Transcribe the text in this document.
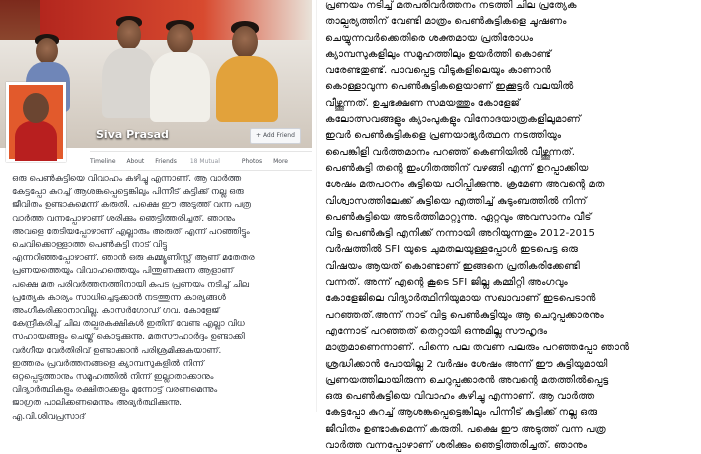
Siva Prasad	+ Add Friend
Timeline About Friends 18 Mutual	Photos More

ഒരു പെൺകുട്ടിയെ വിവാഹം കഴിച്ചു എന്നാണ്. ആ വാർത്ത

കേട്ടപ്പോ കുറച്ച് ആശങ്കപ്പെട്ടെങ്കിലും പിന്നീട് കുട്ടിക്ക് നല്ല ഒരു

ജീവിതം ഉണ്ടാകുമെന്ന് കരുതി. പക്ഷെ ഈ അടുത്ത് വന്ന പത്ര

വാർത്ത വന്നപ്പോഴാണ് ശരിക്കും ഞെട്ടിത്തരിച്ചത്. ഞാനും

അവളെ തേടിയപ്പോഴാണ് എല്ലാരും അരുത് എന്ന് പറഞ്ഞിട്ടും

ചെവിക്കൊള്ളാത്ത പെൺകുട്ടി നാട് വിട്ടു

എന്നറിഞ്ഞപ്പോഴാണ്. ഞാൻ ഒരു കമ്മ്യൂണിസ്റ്റ് ആണ് മതേതര

പ്രണയത്തെയും വിവാഹത്തെയും പിന്തുണക്കുന്ന ആളാണ്

പക്ഷെ മത പരിവർത്തനത്തിനായി കപട പ്രണയം നടിച്ച് ചില

പ്രത്യേക കാര്യം സാധിച്ചെടുക്കാൻ നടത്തുന്ന കാര്യങ്ങൾ

അംഗീകരിക്കാനാവില്ല. കാസർഗോഡ് ഗവ. കോളേജ്

കേന്ദ്രീകരിച്ച് ചില തല്പരകക്ഷികൾ ഇതിന് വേണ്ട എല്ലാ വിധ

സഹായങ്ങളും ചെയ്ത് കൊടുക്കുന്നു. മതസൗഹാർദ്ദം ഉണ്ടാക്കി

വർഗീയ വേർതിരിവ് ഉണ്ടാക്കാൻ പരിശ്രമിക്കുകയാണ്.

ഇത്തരം പ്രവർത്തനങ്ങളെ ക്യാമ്പസുകളിൽ നിന്ന്

ഒറ്റപ്പെടുത്താനും സമൂഹത്തിൽ നിന്ന് ഇല്ലാതാക്കാനും

വിദ്യാർത്ഥികളും രക്ഷിതാക്കളും മുന്നോട്ട് വരണമെന്നും

ജാഗ്രത പാലിക്കണമെന്നും അഭ്യർത്ഥിക്കുന്നു.

എ.വി.ശിവപ്രസാദ്

പ്രണയം നടിച്ച് മതപരിവർത്തനം നടത്തി ചില പ്രത്യേക

താല്പര്യത്തിന് വേണ്ടി മാത്രം പെൺകുട്ടികളെ ചൂഷണം

ചെയ്യുന്നവർക്കെതിരെ ശക്തമായ പ്രതിരോധം

ക്യാമ്പസുകളിലും സമൂഹത്തിലും ഉയർത്തി കൊണ്ട്

വരേണ്ടതുണ്ട്. പാവപ്പെട്ട വീടുകളിലെയും കാണാൻ

കൊള്ളാവുന്ന പെൺകുട്ടികളെയാണ് ഇക്കൂട്ടർ വലയിൽ

വീഴ്ത്തുന്നത്. ഉച്ചഭക്ഷണ സമയത്തും കോളേജ്

കലോത്സവങ്ങളും ക്യാംപുകളും വിനോദയാത്രകളിലുമാണ്

ഇവർ പെൺകുട്ടികളെ പ്രണയാഭ്യർത്ഥന നടത്തിയും

പൈങ്കിളി വർത്തമാനം പറഞ്ഞ് കെണിയിൽ വീഴ്ത്തുന്നത്.

പെൺകുട്ടി തന്റെ ഇംഗിതത്തിന് വഴങ്ങി എന്ന് ഉറപ്പാക്കിയ

ശേഷം മതപഠനം കുട്ടിയെ പഠിപ്പിക്കുന്നു. ക്രമേണ അവന്റെ മത

വിശ്വാസത്തിലേക്ക് കുട്ടിയെ എത്തിച്ച് കുടുംബത്തിൽ നിന്ന്

പെൺകുട്ടിയെ അടർത്തിമാറ്റുന്നു. ഏറ്റവും അവസാനം വീട്

വിട്ട പെൺകുട്ടി എനിക്ക് നന്നായി അറിയുന്നതും 2012-2015

വർഷത്തിൽ SFI യുടെ ചുമതലയുള്ളപ്പോൾ ഇടപെട്ട ഒരു

വിഷയം ആയത് കൊണ്ടാണ് ഇങ്ങനെ പ്രതികരിക്കേണ്ടി

വന്നത്. അന്ന് എന്റെ കൂടെ SFI ജില്ല കമ്മിറ്റി അംഗവും

കോളേജിലെ വിദ്യാർത്ഥിനിയുമായ സഖാവാണ് ഇടപെടാൻ

പറഞ്ഞത്.അന്ന് നാട് വിട്ട പെൺകുട്ടിയും ആ ചെറുപ്പക്കാരനും

എന്നോട് പറഞ്ഞത് തെറ്റായി ഒന്നുമില്ല സൗഹൃദം

മാത്രമാണെന്നാണ്. പിന്നെ പല തവണ പലരും പറഞ്ഞപ്പോ ഞാൻ

ശ്രദ്ധിക്കാൻ പോയില്ല 2 വർഷം ശേഷം അന്ന് ഈ കുട്ടിയുമായി

പ്രണയത്തിലായിരുന്ന ചെറുപ്പക്കാരൻ അവന്റെ മതത്തിൽപ്പെട്ട

ഒരു പെൺകുട്ടിയെ വിവാഹം കഴിച്ചു എന്നാണ്. ആ വാർത്ത

കേട്ടപ്പോ കുറച്ച് ആശങ്കപ്പെട്ടെങ്കിലും പിന്നീട് കുട്ടിക്ക് നല്ല ഒരു

ജീവിതം ഉണ്ടാകുമെന്ന് കരുതി. പക്ഷെ ഈ അടുത്ത് വന്ന പത്ര

വാർത്ത വന്നപ്പോഴാണ് ശരിക്കും ഞെട്ടിത്തരിച്ചത്. ഞാനും
